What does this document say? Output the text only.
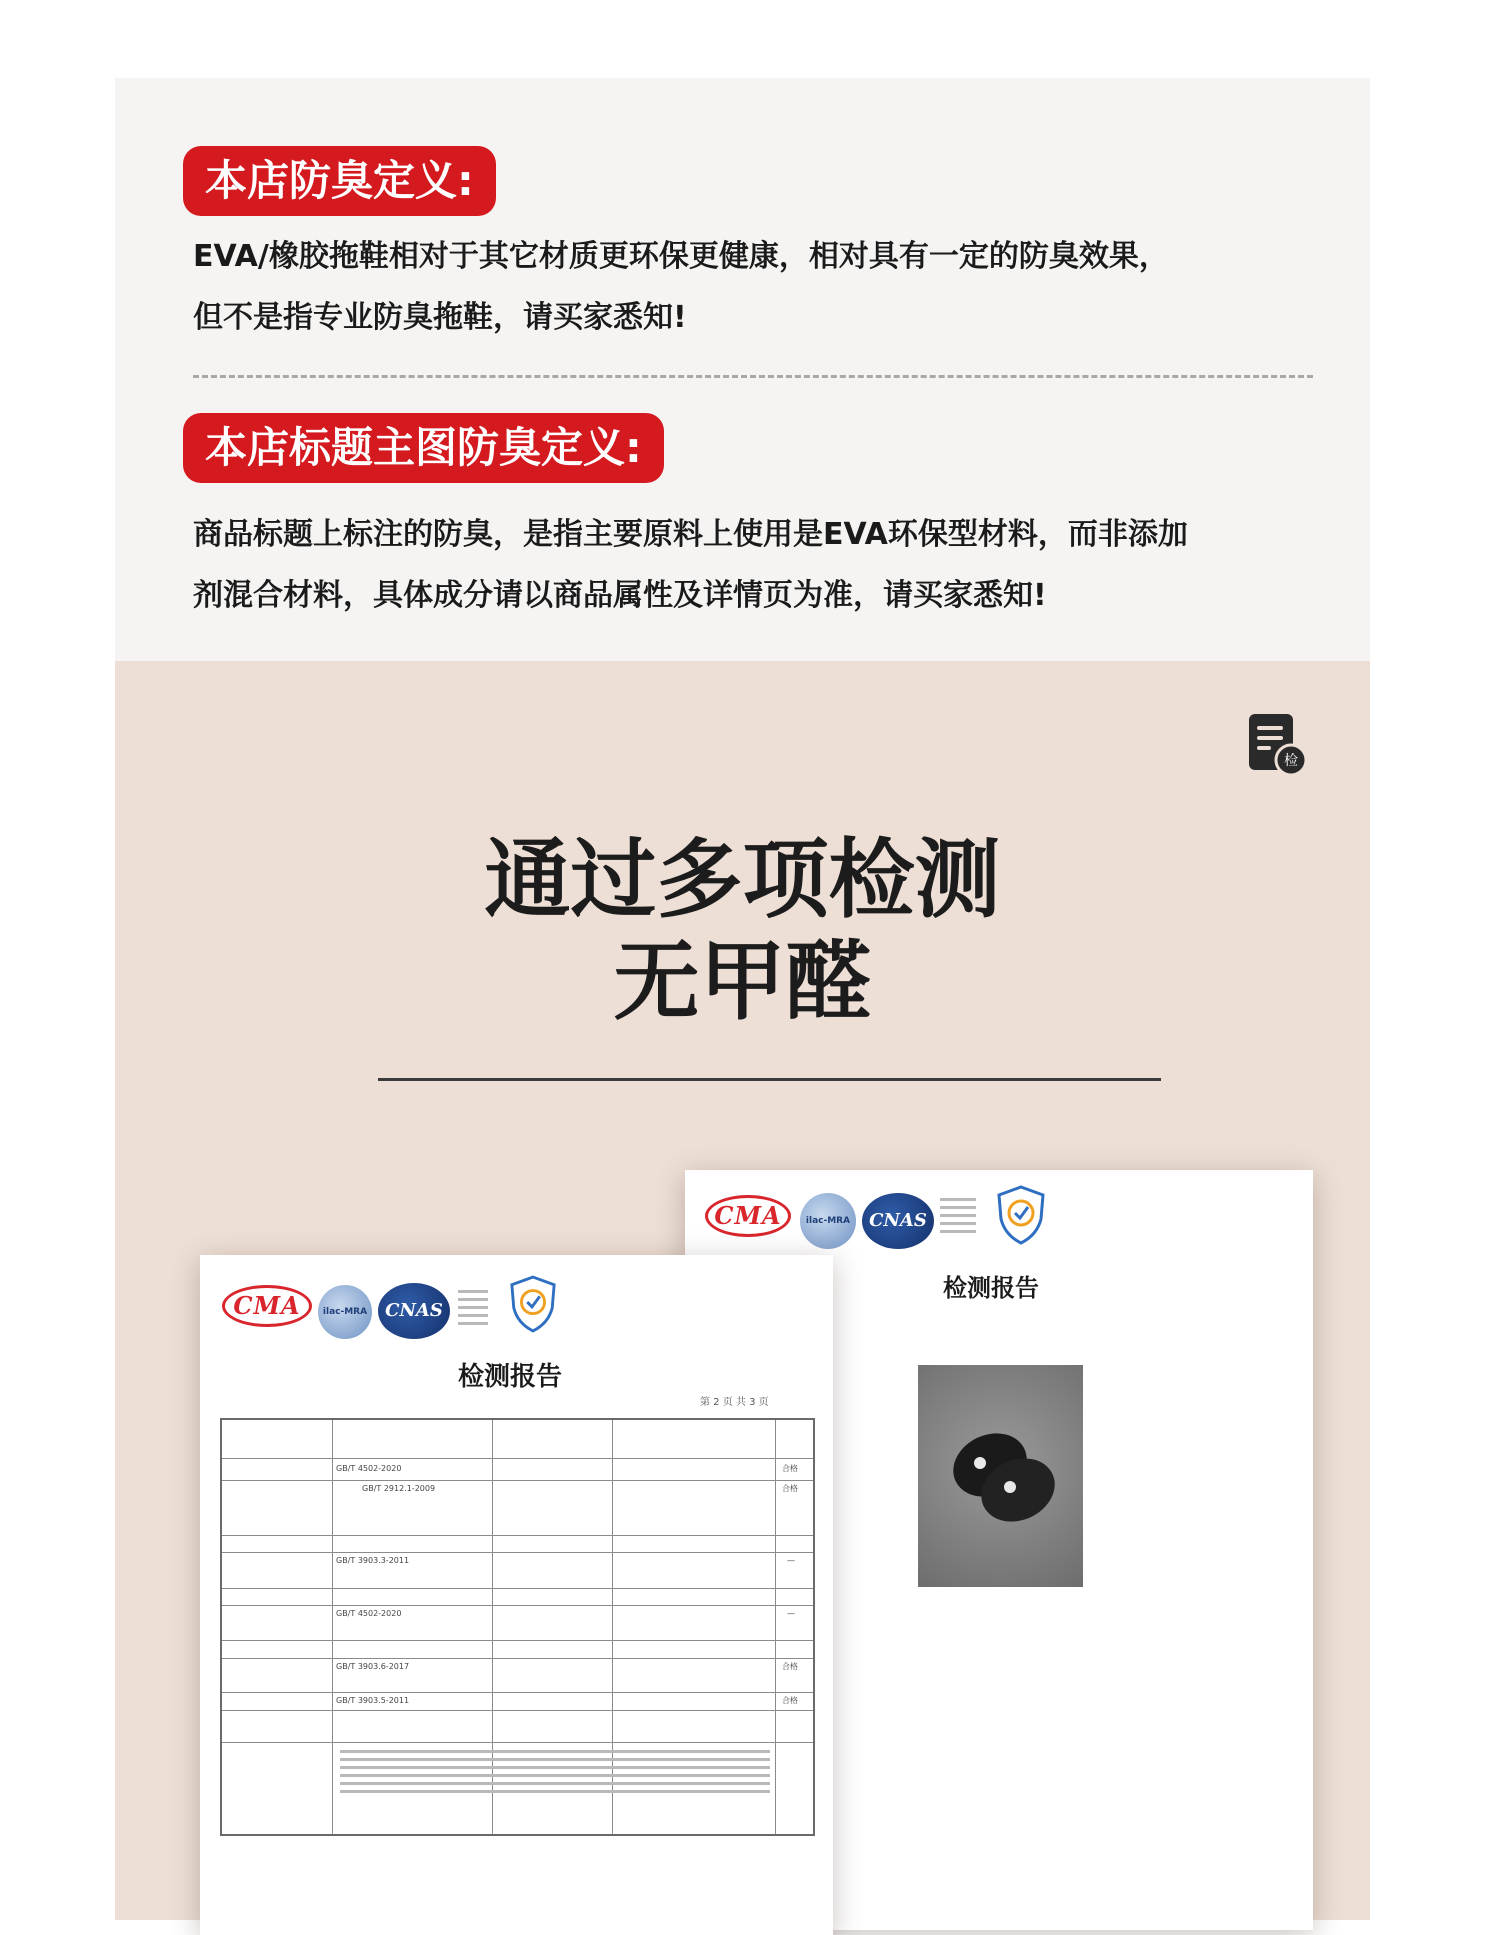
本店防臭定义:
EVA/橡胶拖鞋相对于其它材质更环保更健康，相对具有一定的防臭效果，
但不是指专业防臭拖鞋，请买家悉知!
本店标题主图防臭定义:
商品标题上标注的防臭，是指主要原料上使用是EVA环保型材料，而非添加
剂混合材料，具体成分请以商品属性及详情页为准，请买家悉知!
检
通过多项检测
无甲醛
CMA	ilac-MRA	CNAS
检测报告
CMA	ilac-MRA	CNAS
检测报告
第 2 页 共 3 页
GB/T 4502-2020	合格
GB/T 2912.1-2009	合格
GB/T 3903.3-2011	—
GB/T 4502-2020	—
GB/T 3903.6-2017	合格
GB/T 3903.5-2011	合格
